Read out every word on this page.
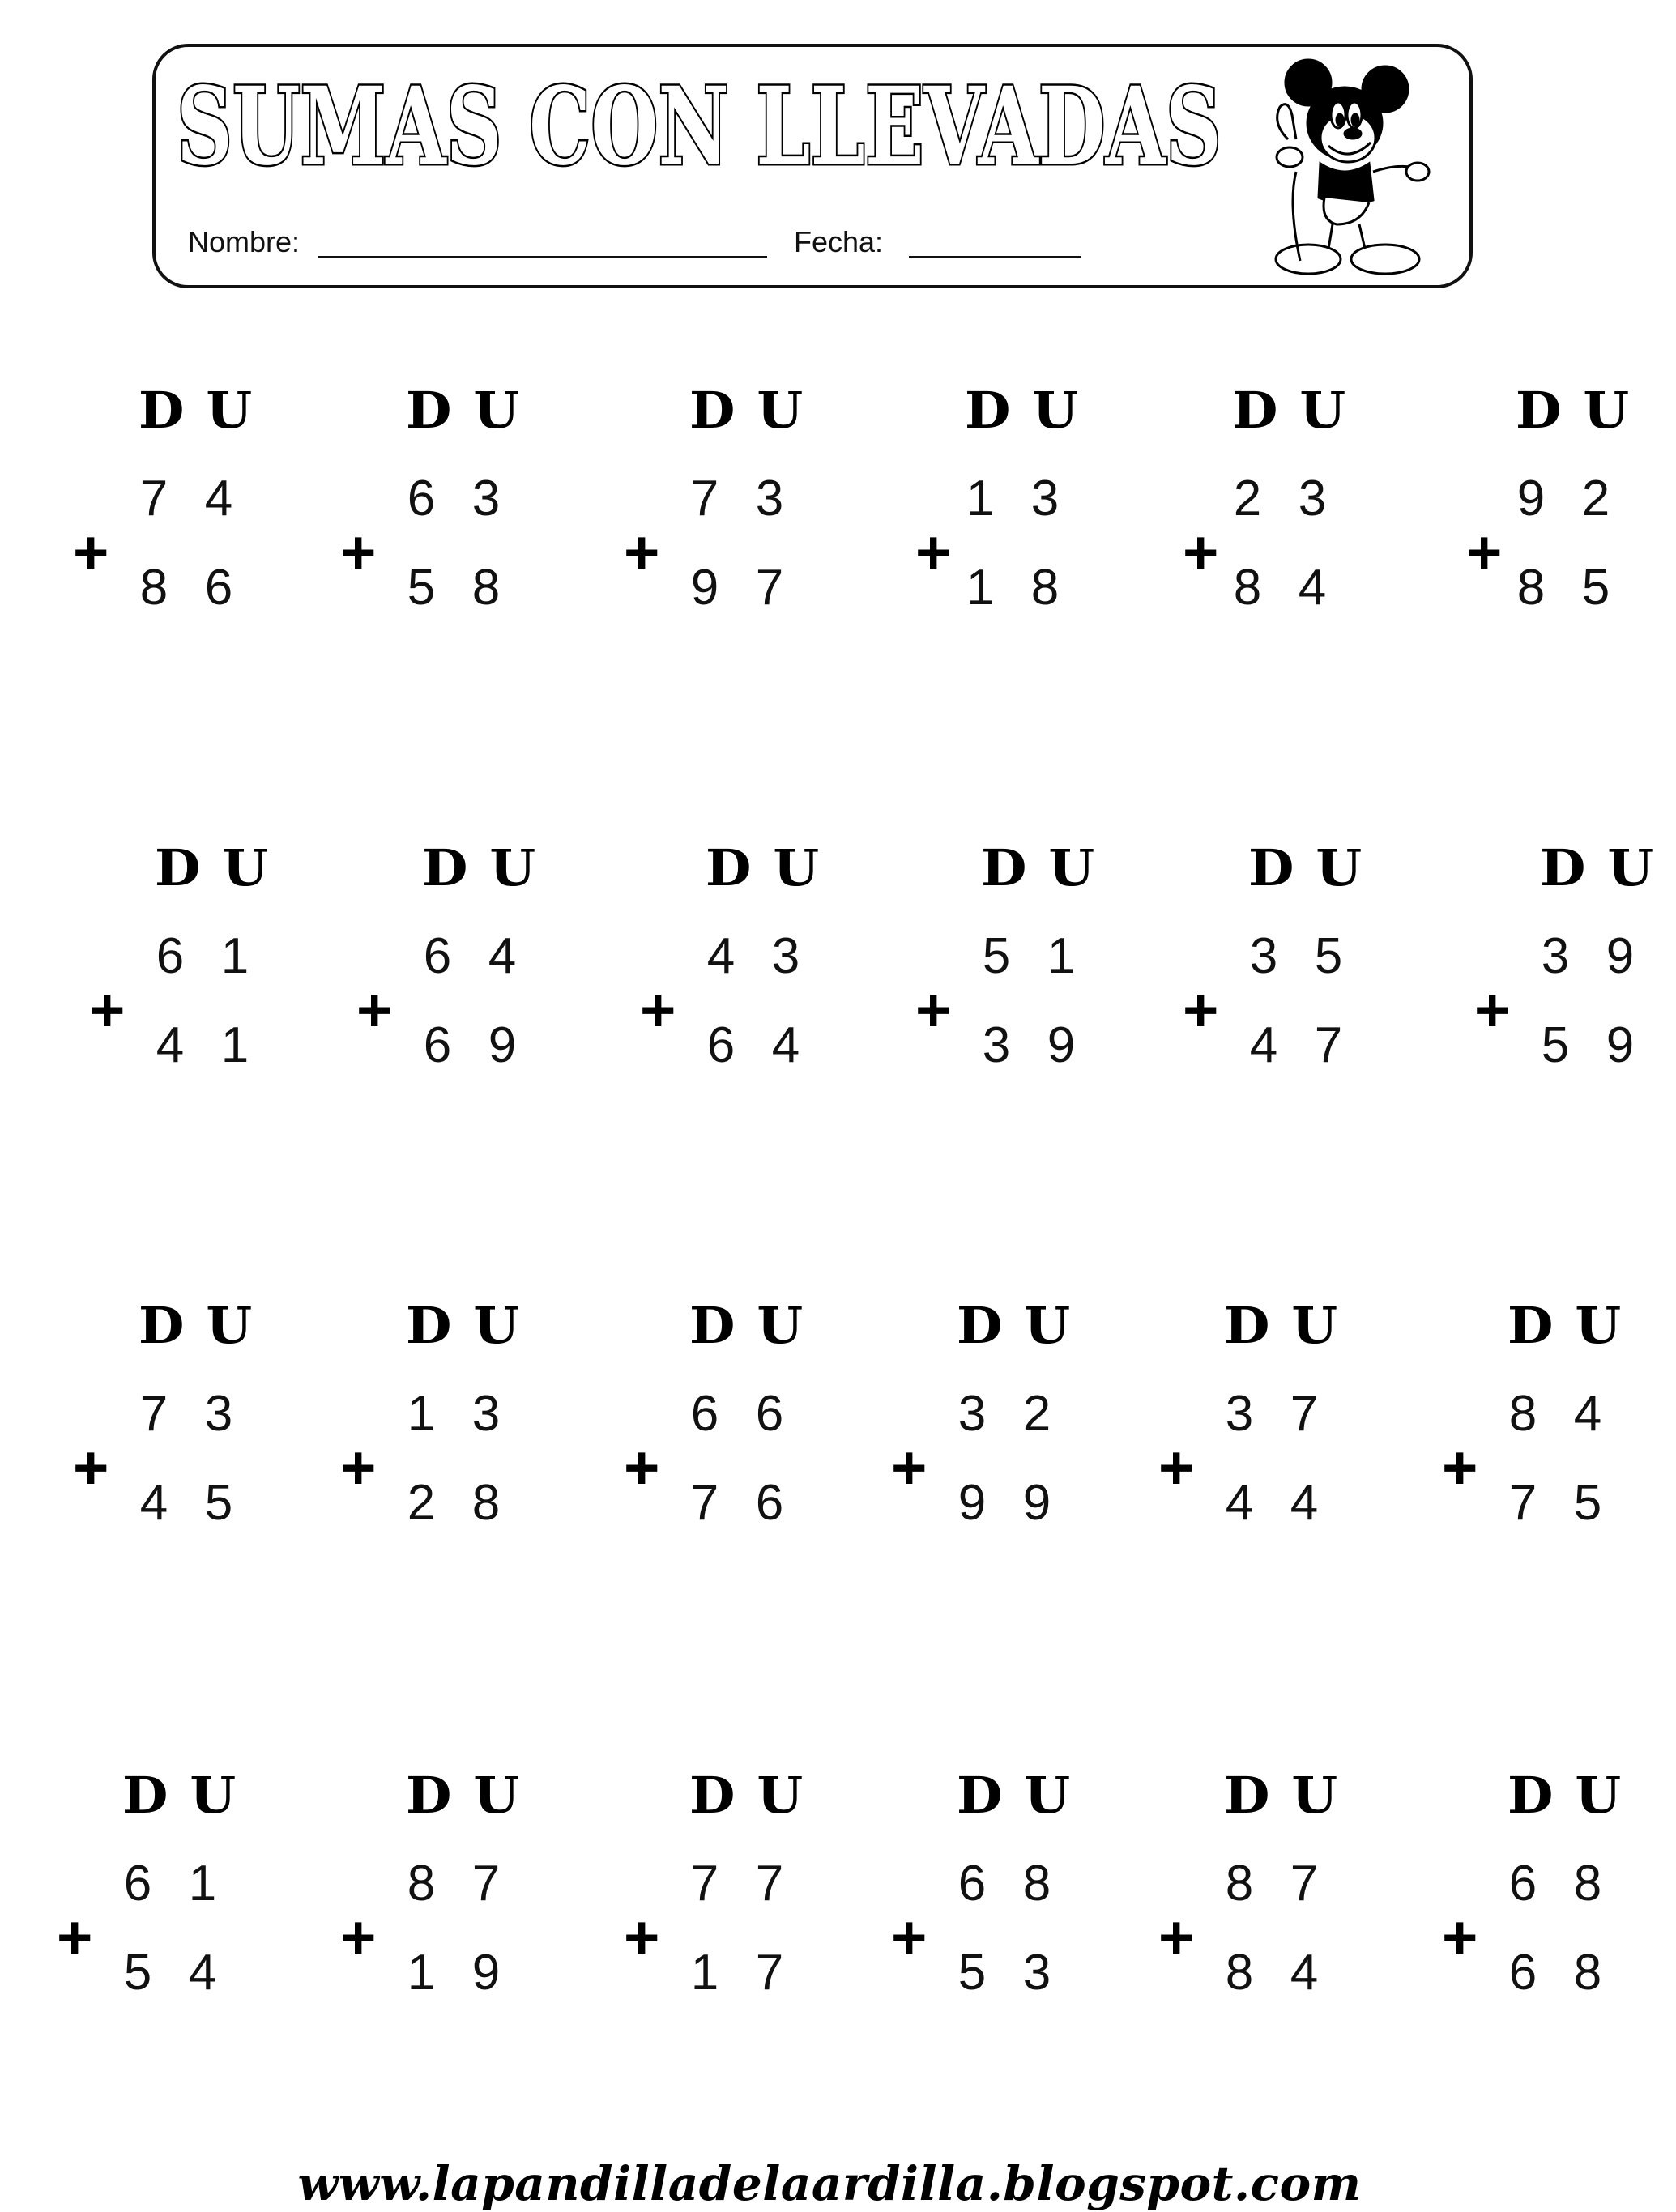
SUMAS CON LLEVADAS
Nombre:	Fecha:
D U
7 4
+
8 6
D U
6 3
+
5 8
D U
7 3
+
9 7
D U
1 3
+
1 8
D U
2 3
+
8 4
D U
9 2
+
8 5
D U
6 1
+
4 1
D U
6 4
+
6 9
D U
4 3
+
6 4
D U
5 1
+
3 9
D U
3 5
+
4 7
D U
3 9
+
5 9
D U
7 3
+
4 5
D U
1 3
+
2 8
D U
6 6
+
7 6
D U
3 2
+
9 9
D U
3 7
+
4 4
D U
8 4
+
7 5
D U
6 1
+
5 4
D U
8 7
+
1 9
D U
7 7
+
1 7
D U
6 8
+
5 3
D U
8 7
+
8 4
D U
6 8
+
6 8
www.lapandilladelaardilla.blogspot.com
